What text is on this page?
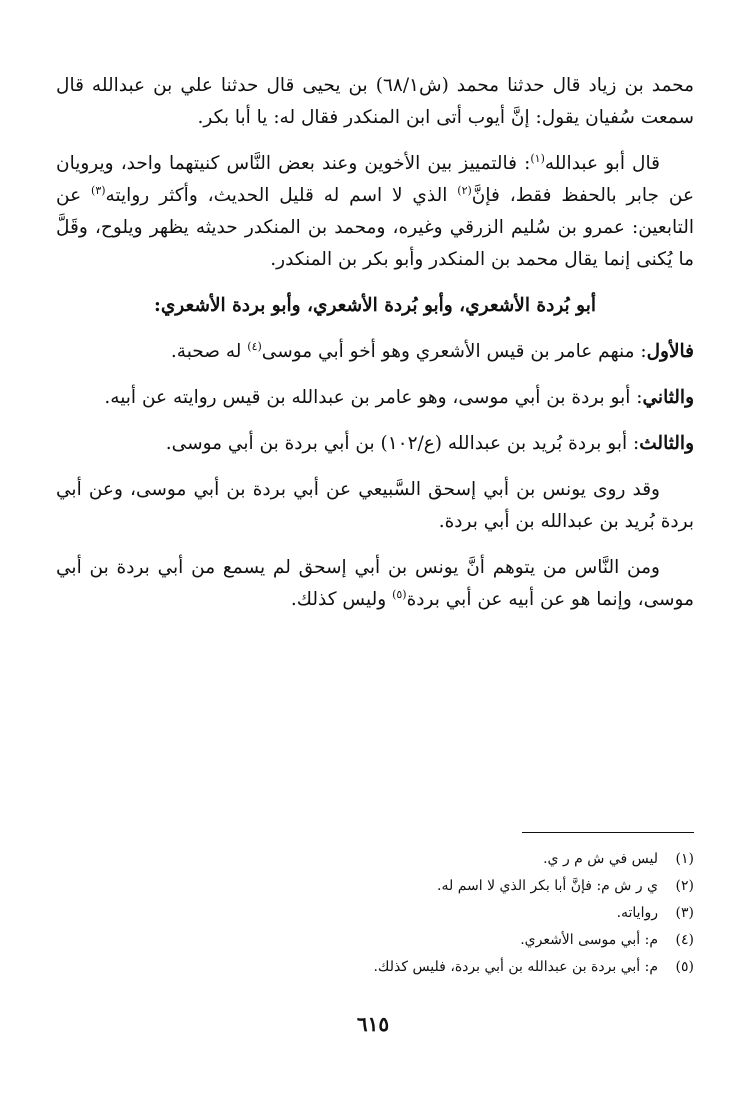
محمد بن زياد قال حدثنا محمد (ش٦٨/١) بن يحيى قال حدثنا علي بن عبدالله قال سمعت سُفيان يقول: إنَّ أيوب أتى ابن المنكدر فقال له: يا أبا بكر.

قال أبو عبدالله$^{(١)}$: فالتمييز بين الأخوين وعند بعض النَّاس كنيتهما واحد، ويرويان عن جابر بالحفظ فقط، فإنَّ$^{(٢)}$ الذي لا اسم له قليل الحديث، وأكثر روايته$^{(٣)}$ عن التابعين: عمرو بن سُليم الزرقي وغيره، ومحمد بن المنكدر حديثه يظهر ويلوح، وقَلَّ ما يُكنى إنما يقال محمد بن المنكدر وأبو بكر بن المنكدر.

أبو بُردة الأشعري، وأبو بُردة الأشعري، وأبو بردة الأشعري:

فالأول: منهم عامر بن قيس الأشعري وهو أخو أبي موسى$^{(٤)}$ له صحبة.

والثاني: أبو بردة بن أبي موسى، وهو عامر بن عبدالله بن قيس روايته عن أبيه.

والثالث: أبو بردة بُريد بن عبدالله (ع/١٠٢) بن أبي بردة بن أبي موسى.

وقد روى يونس بن أبي إسحق السَّبيعي عن أبي بردة بن أبي موسى، وعن أبي بردة بُريد بن عبدالله بن أبي بردة.

ومن النَّاس من يتوهم أنَّ يونس بن أبي إسحق لم يسمع من أبي بردة بن أبي موسى، وإنما هو عن أبيه عن أبي بردة$^{(٥)}$ وليس كذلك.

(١)ليس في ش م ر ي.
(٢)ي ر ش م: فإنَّ أبا بكر الذي لا اسم له.
(٣)رواياته.
(٤)م: أبي موسى الأشعري.
(٥)م: أبي بردة بن عبدالله بن أبي بردة، فليس كذلك.
٦١٥
